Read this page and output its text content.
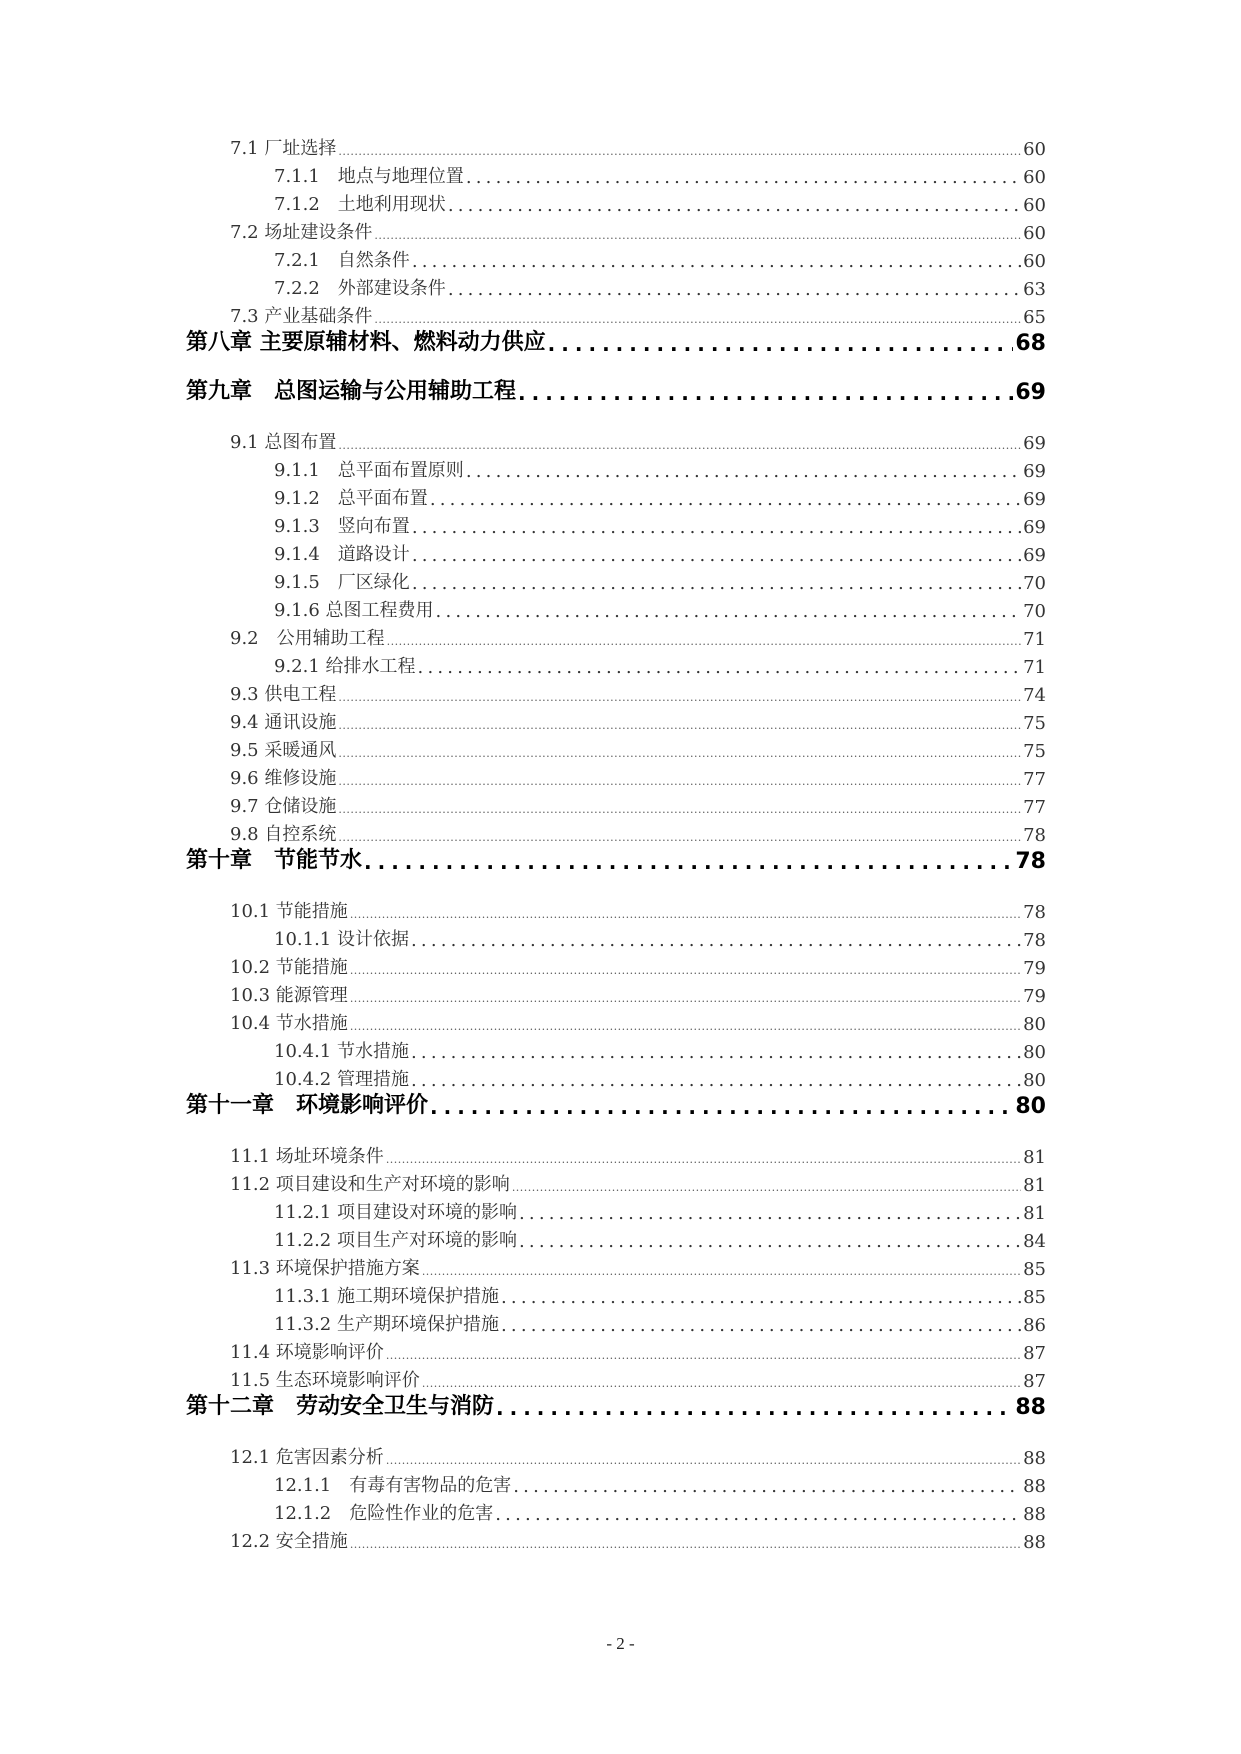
7.1 厂址选择 .....	60
7.1.1　地点与地理位置 .....	60
7.1.2　土地利用现状 .....	60
7.2 场址建设条件 .....	60
7.2.1　自然条件 .....	60
7.2.2　外部建设条件 .....	63
7.3 产业基础条件 .....	65
第八章 主要原辅材料、燃料动力供应 .....	68
第九章　总图运输与公用辅助工程 .....	69
9.1 总图布置 .....	69
9.1.1　总平面布置原则 .....	69
9.1.2　总平面布置 .....	69
9.1.3　竖向布置 .....	69
9.1.4　道路设计 .....	69
9.1.5　厂区绿化 .....	70
9.1.6 总图工程费用 .....	70
9.2　公用辅助工程 .....	71
9.2.1 给排水工程 .....	71
9.3 供电工程 .....	74
9.4 通讯设施 .....	75
9.5 采暖通风 .....	75
9.6 维修设施 .....	77
9.7 仓储设施 .....	77
9.8 自控系统 .....	78
第十章　节能节水 .....	78
10.1 节能措施 .....	78
10.1.1 设计依据 .....	78
10.2 节能措施 .....	79
10.3 能源管理 .....	79
10.4 节水措施 .....	80
10.4.1 节水措施 .....	80
10.4.2 管理措施 .....	80
第十一章　环境影响评价 .....	80
11.1 场址环境条件 .....	81
11.2 项目建设和生产对环境的影响 .....	81
11.2.1 项目建设对环境的影响 .....	81
11.2.2 项目生产对环境的影响 .....	84
11.3 环境保护措施方案 .....	85
11.3.1 施工期环境保护措施 .....	85
11.3.2 生产期环境保护措施 .....	86
11.4 环境影响评价 .....	87
11.5 生态环境影响评价 .....	87
第十二章　劳动安全卫生与消防 .....	88
12.1 危害因素分析 .....	88
12.1.1　有毒有害物品的危害 .....	88
12.1.2　危险性作业的危害 .....	88
12.2 安全措施 .....	88
- 2 -
